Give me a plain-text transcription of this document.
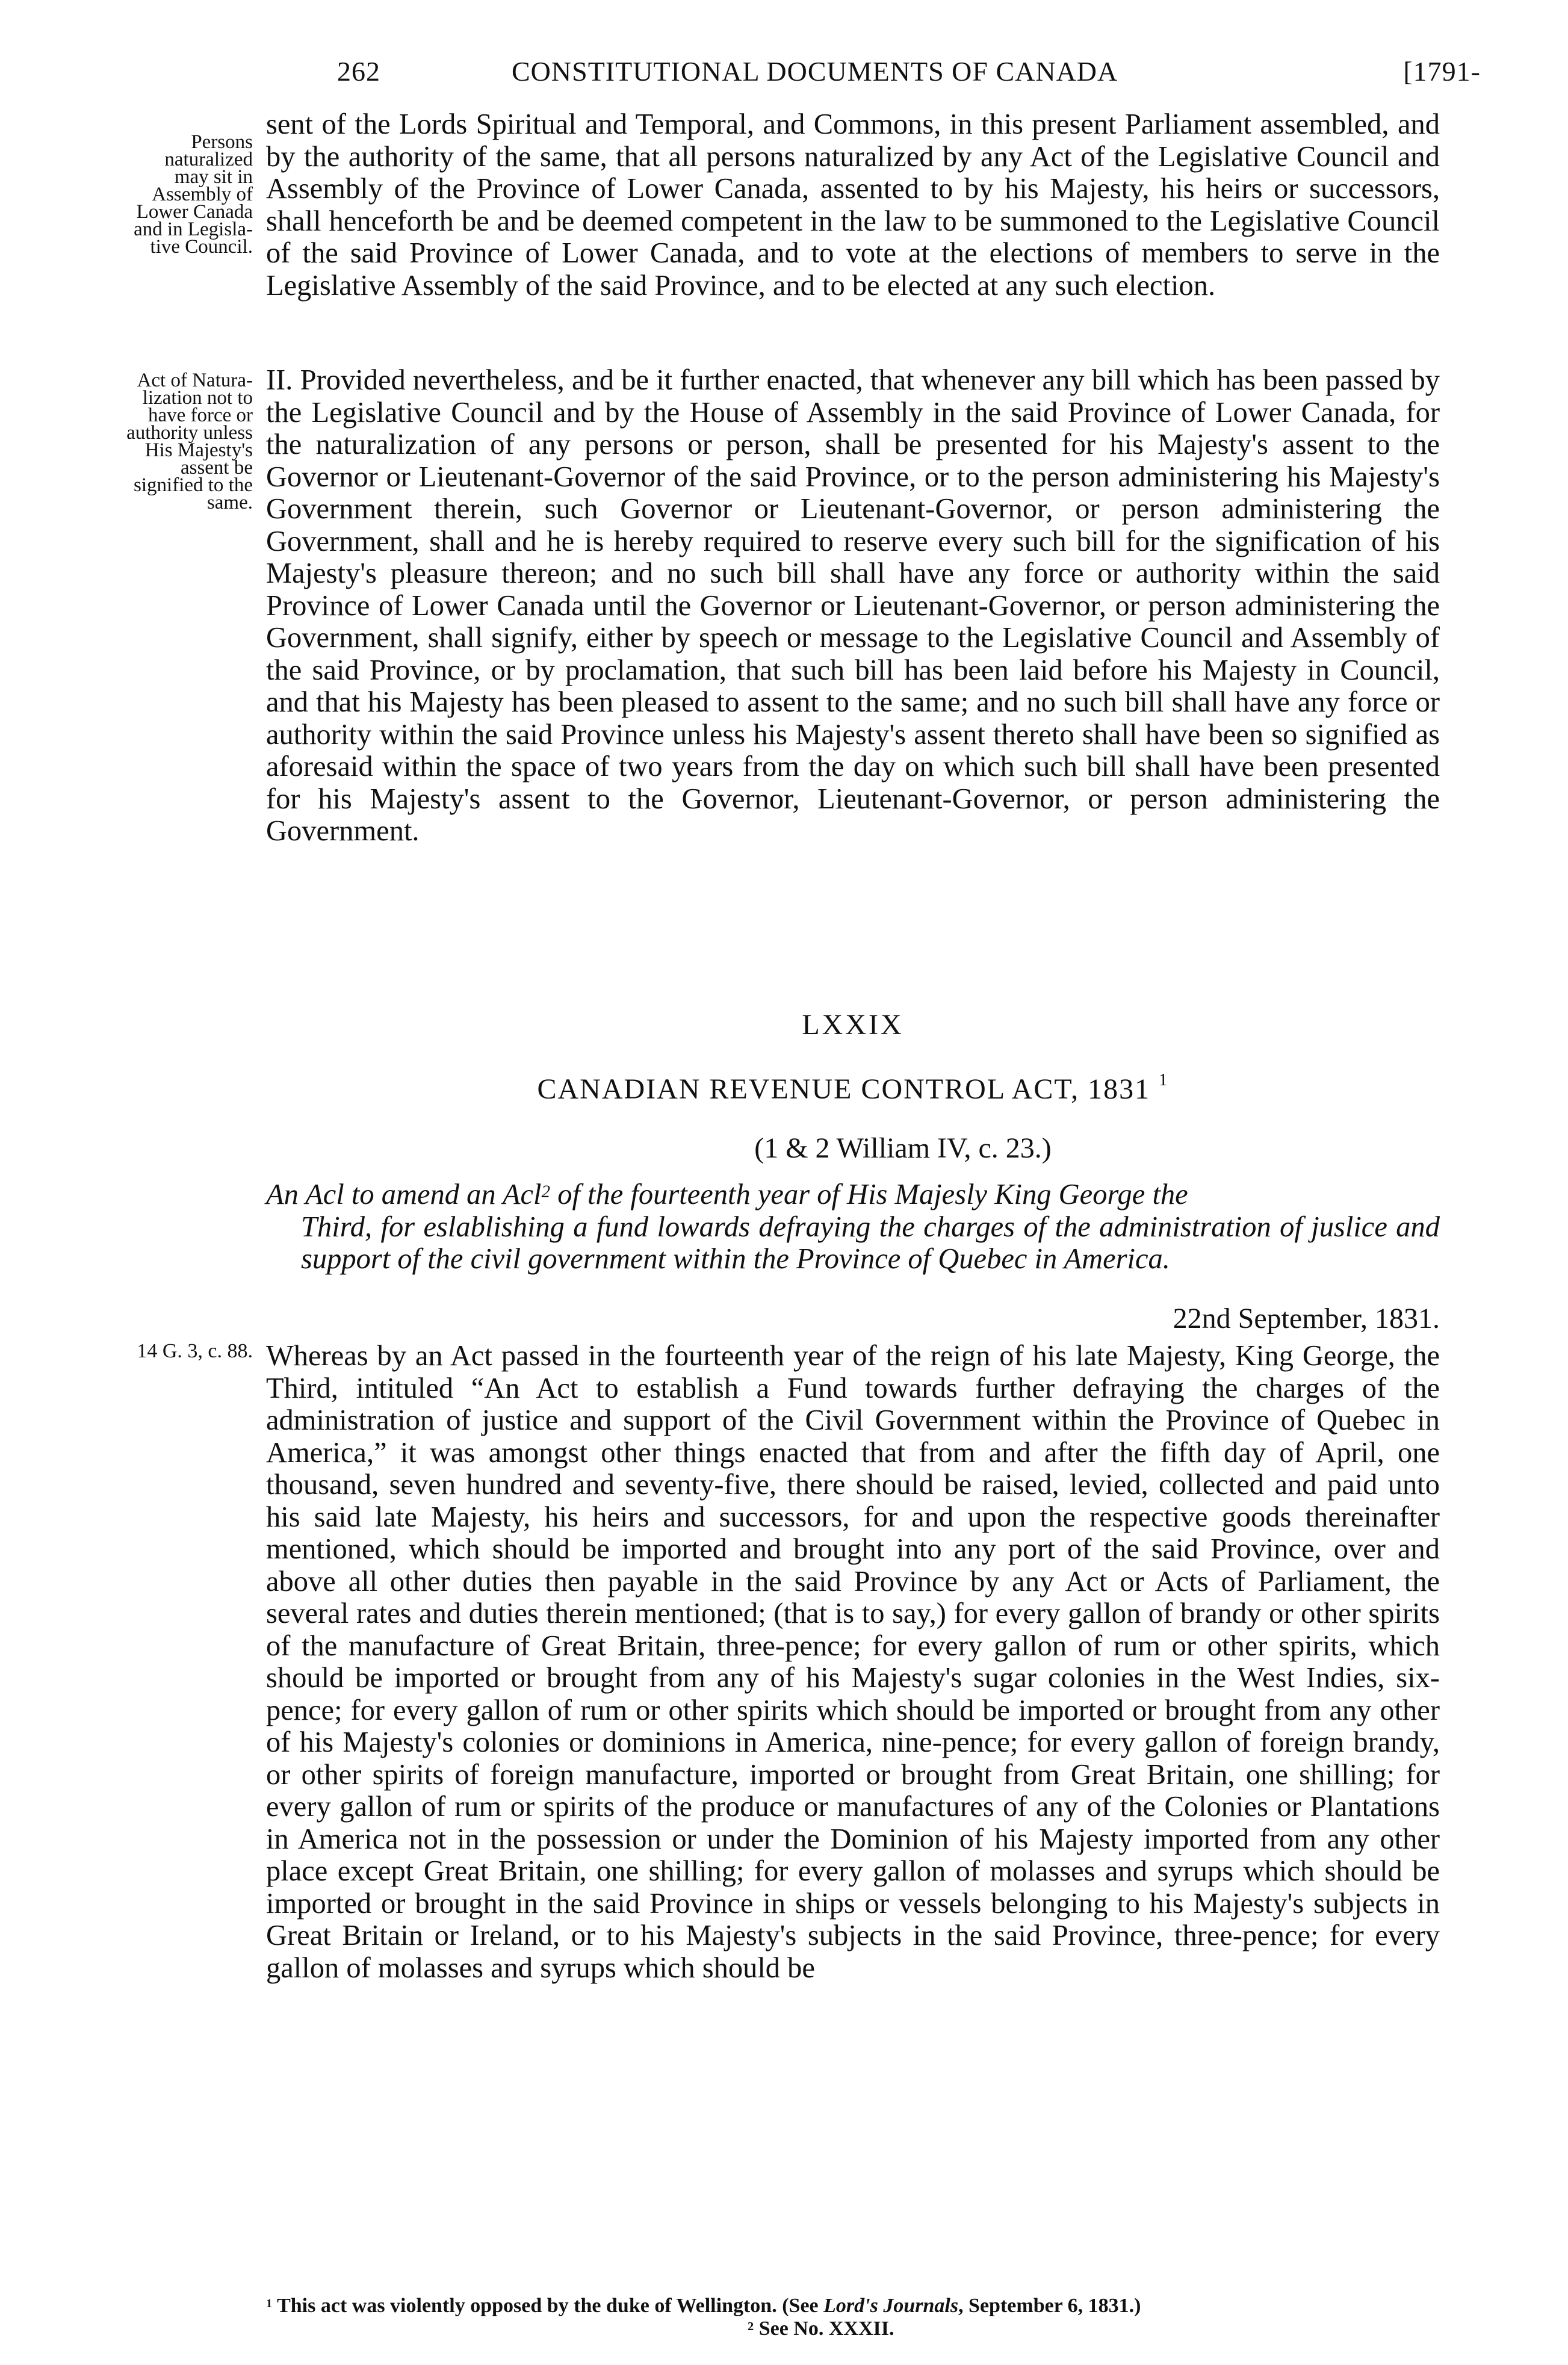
262	CONSTITUTIONAL DOCUMENTS OF CANADA	[1791-
Persons
naturalized
may sit in
Assembly of
Lower Canada
and in Legisla-
tive Council.
Act of Natura-
lization not to
have force or
authority unless
His Majesty's
assent be
signified to the
same.
14 G. 3, c. 88.

sent of the Lords Spiritual and Temporal, and Commons, in this present Parliament assembled, and by the authority of the same, that all persons naturalized by any Act of the Legislative Council and Assembly of the Province of Lower Canada, assented to by his Majesty, his heirs or successors, shall henceforth be and be deemed competent in the law to be summoned to the Legislative Council of the said Province of Lower Canada, and to vote at the elections of members to serve in the Legislative Assembly of the said Province, and to be elected at any such election.

II. Provided nevertheless, and be it further enacted, that whenever any bill which has been passed by the Legislative Council and by the House of Assembly in the said Province of Lower Canada, for the naturalization of any persons or person, shall be presented for his Majesty's assent to the Governor or Lieutenant-Governor of the said Province, or to the person administering his Majesty's Government therein, such Governor or Lieutenant-Governor, or person administering the Government, shall and he is hereby required to reserve every such bill for the signification of his Majesty's pleasure thereon; and no such bill shall have any force or authority within the said Province of Lower Canada until the Governor or Lieutenant-Governor, or person administering the Government, shall signify, either by speech or message to the Legislative Council and Assembly of the said Province, or by proclamation, that such bill has been laid before his Majesty in Council, and that his Majesty has been pleased to assent to the same; and no such bill shall have any force or authority within the said Province unless his Majesty's assent thereto shall have been so signified as aforesaid within the space of two years from the day on which such bill shall have been presented for his Majesty's assent to the Governor, Lieutenant-Governor, or person administering the Government.

LXXIX
CANADIAN REVENUE CONTROL ACT, 1831 $^1$
(1 & 2 William IV, c. 23.)
An Acl to amend an Acl$^2$ of the fourteenth year of His Majesly King George the
Third, for eslablishing a fund lowards defraying the charges of the administration of juslice and support of the civil government within the Province of Quebec in America.
22nd September, 1831.

Whereas by an Act passed in the fourteenth year of the reign of his late Majesty, King George, the Third, intituled “An Act to establish a Fund towards further defraying the charges of the administration of justice and support of the Civil Government within the Province of Quebec in America,” it was amongst other things enacted that from and after the fifth day of April, one thousand, seven hundred and seventy-five, there should be raised, levied, collected and paid unto his said late Majesty, his heirs and successors, for and upon the respective goods thereinafter mentioned, which should be imported and brought into any port of the said Province, over and above all other duties then payable in the said Province by any Act or Acts of Parliament, the several rates and duties therein mentioned; (that is to say,) for every gallon of brandy or other spirits of the manufacture of Great Britain, three-pence; for every gallon of rum or other spirits, which should be imported or brought from any of his Majesty's sugar colonies in the West Indies, six-pence; for every gallon of rum or other spirits which should be imported or brought from any other of his Majesty's colonies or dominions in America, nine-pence; for every gallon of foreign brandy, or other spirits of foreign manufacture, imported or brought from Great Britain, one shilling; for every gallon of rum or spirits of the produce or manufactures of any of the Colonies or Plantations in America not in the possession or under the Dominion of his Majesty imported from any other place except Great Britain, one shilling; for every gallon of molasses and syrups which should be imported or brought in the said Province in ships or vessels belonging to his Majesty's subjects in Great Britain or Ireland, or to his Majesty's subjects in the said Province, three-pence; for every gallon of molasses and syrups which should be

$^1$ This act was violently opposed by the duke of Wellington. (See Lord's Journals, September 6, 1831.)

$^2$ See No. XXXII.
